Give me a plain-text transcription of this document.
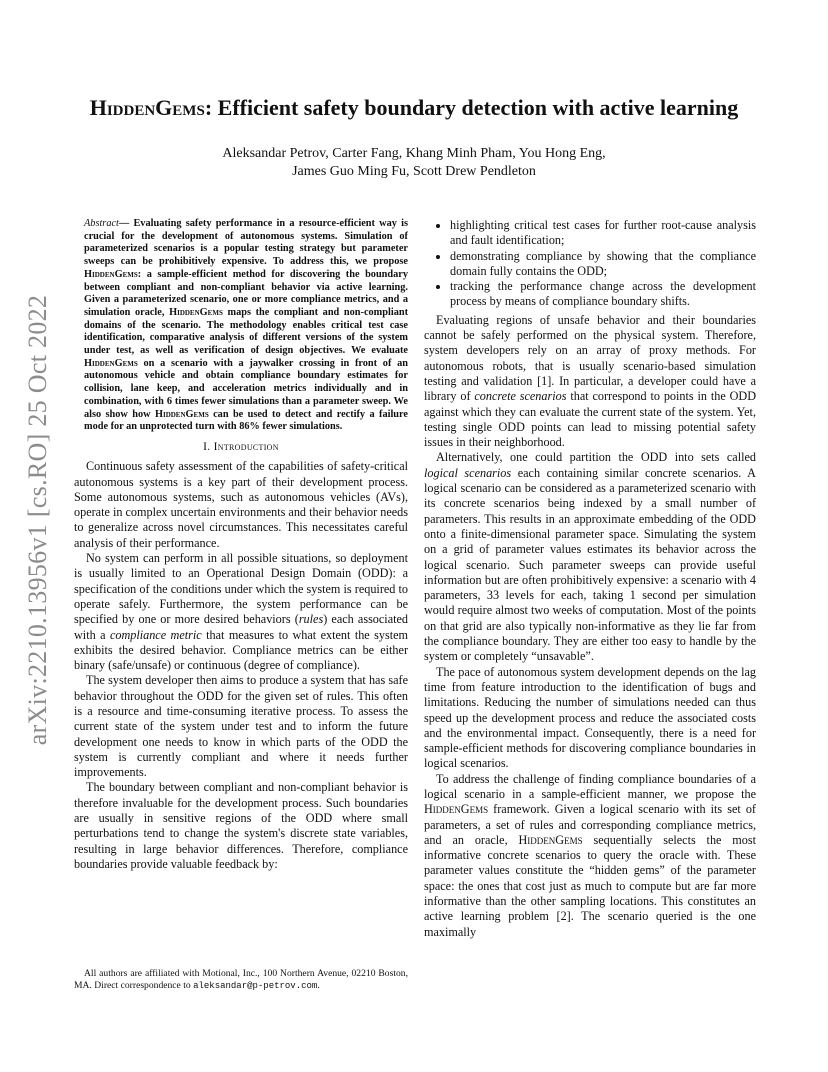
arXiv:2210.13956v1 [cs.RO] 25 Oct 2022
HiddenGems: Efficient safety boundary detection with active learning
Aleksandar Petrov, Carter Fang, Khang Minh Pham, You Hong Eng,
James Guo Ming Fu, Scott Drew Pendleton
Abstract— Evaluating safety performance in a resource-efficient way is crucial for the development of autonomous systems. Simulation of parameterized scenarios is a popular testing strategy but parameter sweeps can be prohibitively expensive. To address this, we propose HiddenGems: a sample-efficient method for discovering the boundary between compliant and non-compliant behavior via active learning. Given a parameterized scenario, one or more compliance metrics, and a simulation oracle, HiddenGems maps the compliant and non-compliant domains of the scenario. The methodology enables critical test case identification, comparative analysis of different versions of the system under test, as well as verification of design objectives. We evaluate HiddenGems on a scenario with a jaywalker crossing in front of an autonomous vehicle and obtain compliance boundary estimates for collision, lane keep, and acceleration metrics individually and in combination, with 6 times fewer simulations than a parameter sweep. We also show how HiddenGems can be used to detect and rectify a failure mode for an unprotected turn with 86% fewer simulations.
I. Introduction

Continuous safety assessment of the capabilities of safety-critical autonomous systems is a key part of their development process. Some autonomous systems, such as autonomous vehicles (AVs), operate in complex uncertain environments and their behavior needs to generalize across novel circumstances. This necessitates careful analysis of their performance.

No system can perform in all possible situations, so deployment is usually limited to an Operational Design Domain (ODD): a specification of the conditions under which the system is required to operate safely. Furthermore, the system performance can be specified by one or more desired behaviors (rules) each associated with a compliance metric that measures to what extent the system exhibits the desired behavior. Compliance metrics can be either binary (safe/unsafe) or continuous (degree of compliance).

The system developer then aims to produce a system that has safe behavior throughout the ODD for the given set of rules. This often is a resource and time-consuming iterative process. To assess the current state of the system under test and to inform the future development one needs to know in which parts of the ODD the system is currently compliant and where it needs further improvements.

The boundary between compliant and non-compliant behavior is therefore invaluable for the development process. Such boundaries are usually in sensitive regions of the ODD where small perturbations tend to change the system's discrete state variables, resulting in large behavior differences. Therefore, compliance boundaries provide valuable feedback by:

All authors are affiliated with Motional, Inc., 100 Northern Avenue, 02210 Boston, MA. Direct correspondence to aleksandar@p-petrov.com.
• highlighting critical test cases for further root-cause analysis and fault identification;
• demonstrating compliance by showing that the compliance domain fully contains the ODD;
• tracking the performance change across the development process by means of compliance boundary shifts.

Evaluating regions of unsafe behavior and their boundaries cannot be safely performed on the physical system. Therefore, system developers rely on an array of proxy methods. For autonomous robots, that is usually scenario-based simulation testing and validation [1]. In particular, a developer could have a library of concrete scenarios that correspond to points in the ODD against which they can evaluate the current state of the system. Yet, testing single ODD points can lead to missing potential safety issues in their neighborhood.

Alternatively, one could partition the ODD into sets called logical scenarios each containing similar concrete scenarios. A logical scenario can be considered as a parameterized scenario with its concrete scenarios being indexed by a small number of parameters. This results in an approximate embedding of the ODD onto a finite-dimensional parameter space. Simulating the system on a grid of parameter values estimates its behavior across the logical scenario. Such parameter sweeps can provide useful information but are often prohibitively expensive: a scenario with 4 parameters, 33 levels for each, taking 1 second per simulation would require almost two weeks of computation. Most of the points on that grid are also typically non-informative as they lie far from the compliance boundary. They are either too easy to handle by the system or completely “unsavable”.

The pace of autonomous system development depends on the lag time from feature introduction to the identification of bugs and limitations. Reducing the number of simulations needed can thus speed up the development process and reduce the associated costs and the environmental impact. Consequently, there is a need for sample-efficient methods for discovering compliance boundaries in logical scenarios.

To address the challenge of finding compliance boundaries of a logical scenario in a sample-efficient manner, we propose the HiddenGems framework. Given a logical scenario with its set of parameters, a set of rules and corresponding compliance metrics, and an oracle, HiddenGems sequentially selects the most informative concrete scenarios to query the oracle with. These parameter values constitute the “hidden gems” of the parameter space: the ones that cost just as much to compute but are far more informative than the other sampling locations. This constitutes an active learning problem [2]. The scenario queried is the one maximally
